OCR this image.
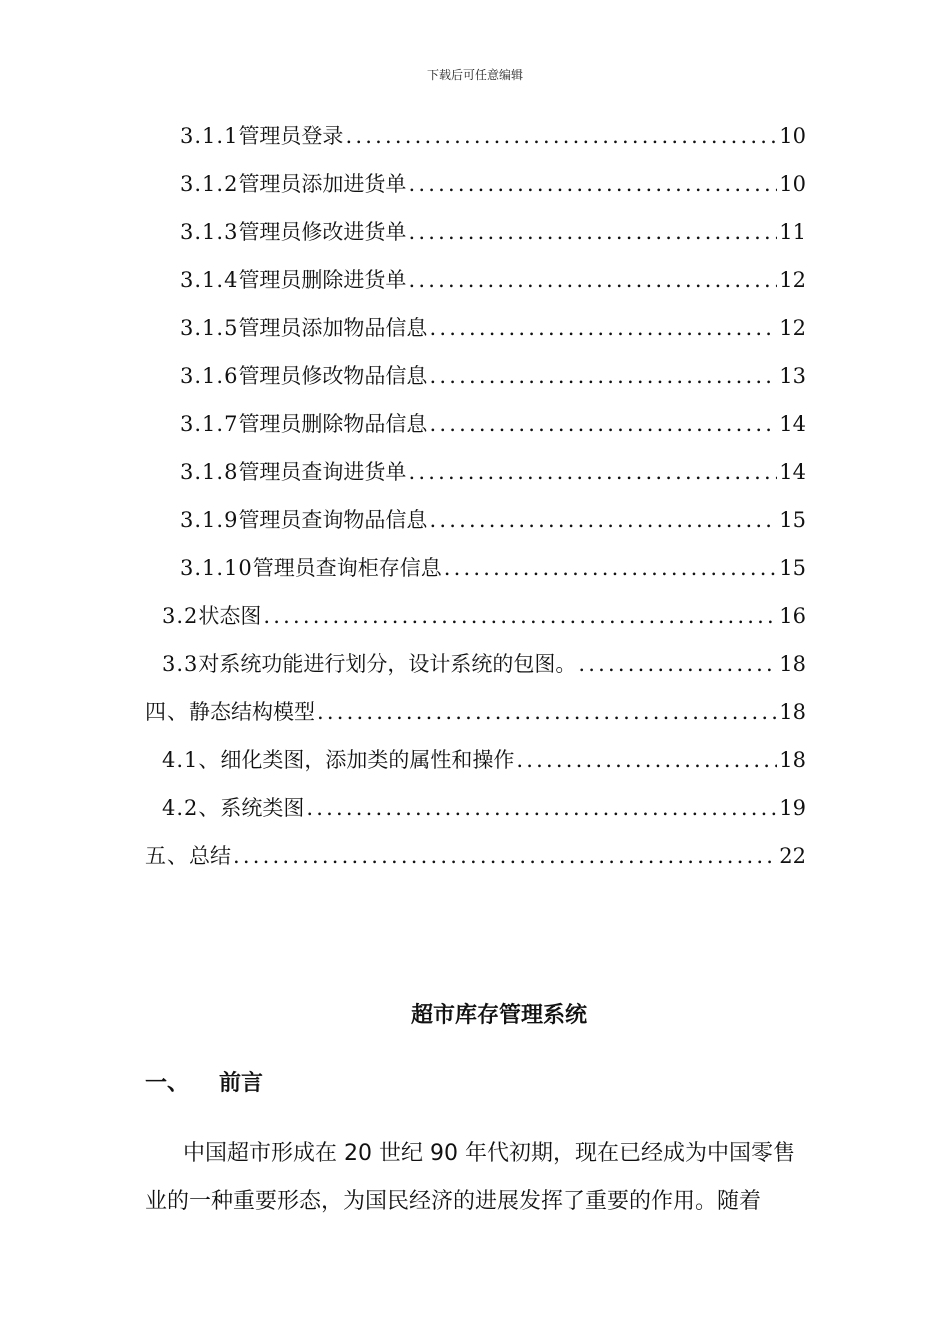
下载后可任意编辑
3.1.1 管理员登录 .....	10
3.1.2 管理员添加进货单 .....	10
3.1.3 管理员修改进货单 .....	11
3.1.4 管理员删除进货单 .....	12
3.1.5 管理员添加物品信息 .....	12
3.1.6 管理员修改物品信息 .....	13
3.1.7 管理员删除物品信息 .....	14
3.1.8 管理员查询进货单 .....	14
3.1.9 管理员查询物品信息 .....	15
3.1.10 管理员查询柜存信息 .....	15
3.2 状态图 .....	16
3.3 对系统功能进行划分，设计系统的包图。 .....	18
四、 静态结构模型 .....	18
4.1、 细化类图，添加类的属性和操作 .....	18
4.2、 系统类图 .....	19
五、 总结 .....	22
超市库存管理系统
一、 前言
中国超市形成在 20 世纪 90 年代初期，现在已经成为中国零售
业的一种重要形态，为国民经济的进展发挥了重要的作用。随着
